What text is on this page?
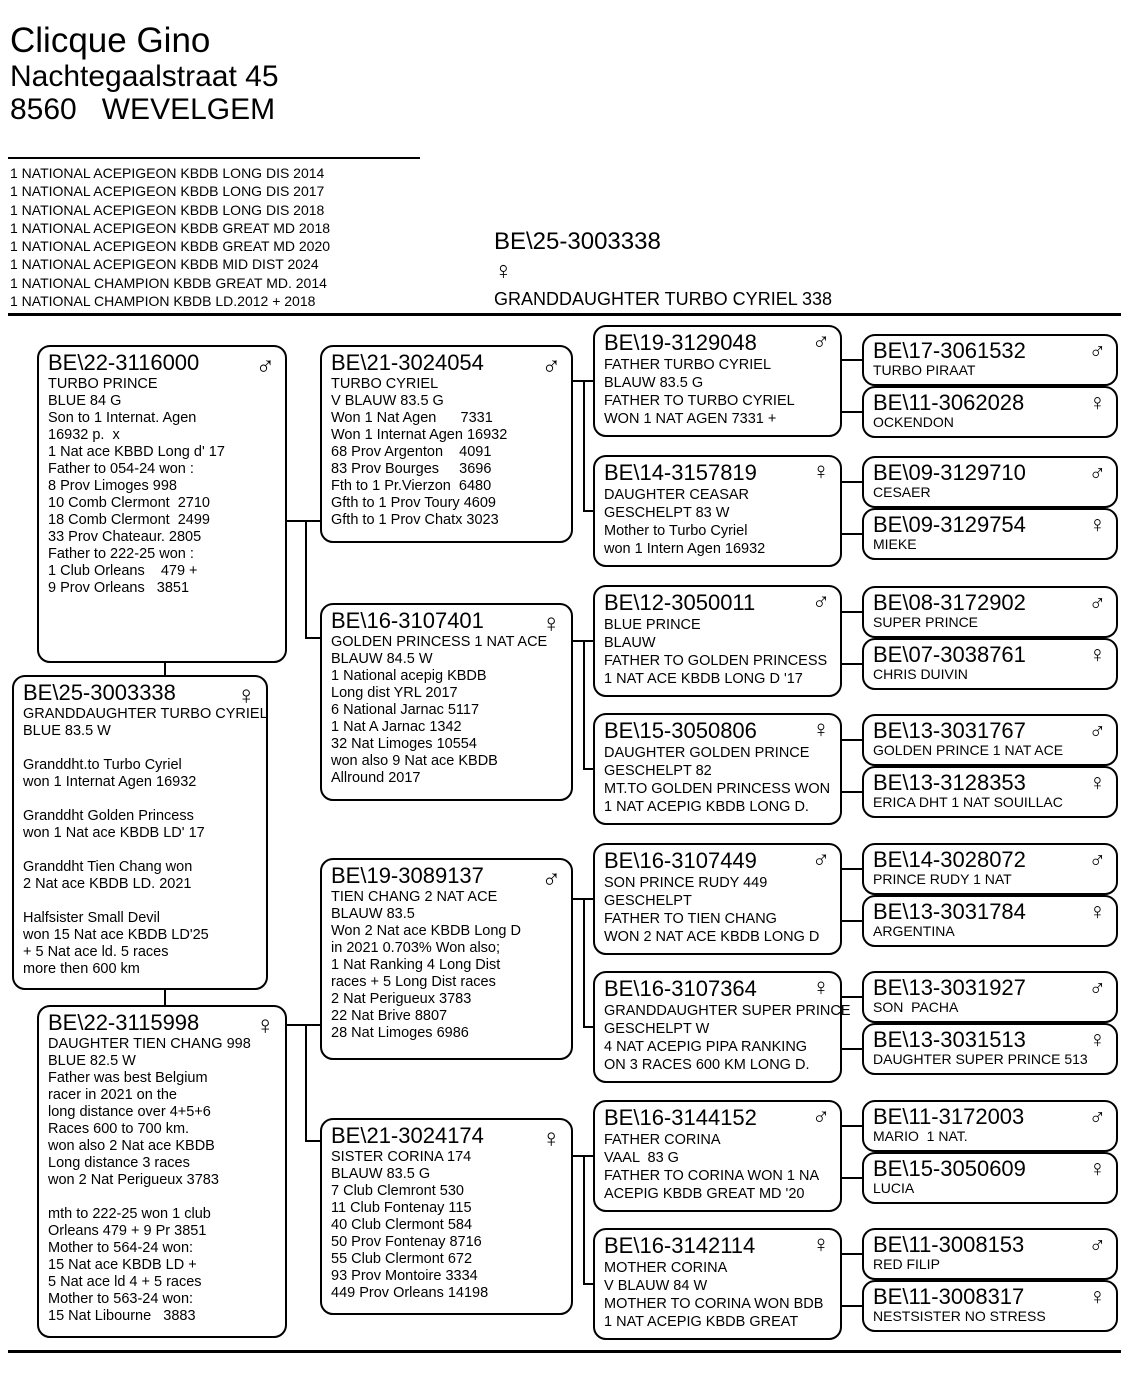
Clicque Gino
Nachtegaalstraat 45
8560   WEVELGEM
1 NATIONAL ACEPIGEON KBDB LONG DIS 2014
1 NATIONAL ACEPIGEON KBDB LONG DIS 2017
1 NATIONAL ACEPIGEON KBDB LONG DIS 2018
1 NATIONAL ACEPIGEON KBDB GREAT MD 2018
1 NATIONAL ACEPIGEON KBDB GREAT MD 2020
1 NATIONAL ACEPIGEON KBDB MID DIST 2024
1 NATIONAL CHAMPION KBDB GREAT MD. 2014
1 NATIONAL CHAMPION KBDB LD.2012 + 2018
BE\25-3003338
♀
GRANDDAUGHTER TURBO CYRIEL 338
BE\22-3116000	♂
TURBO PRINCE
BLUE 84 G
Son to 1 Internat. Agen
16932 p.  x
1 Nat ace KBBD Long d' 17
Father to 054-24 won :
8 Prov Limoges 998
10 Comb Clermont  2710
18 Comb Clermont  2499
33 Prov Chateaur. 2805
Father to 222-25 won :
1 Club Orleans    479 +
9 Prov Orleans   3851
BE\25-3003338	♀
GRANDDAUGHTER TURBO CYRIEL
BLUE 83.5 W
Granddht.to Turbo Cyriel
won 1 Internat Agen 16932
Granddht Golden Princess
won 1 Nat ace KBDB LD' 17
Granddht Tien Chang won
2 Nat ace KBDB LD. 2021
Halfsister Small Devil
won 15 Nat ace KBDB LD'25
+ 5 Nat ace ld. 5 races
more then 600 km
BE\22-3115998	♀
DAUGHTER TIEN CHANG 998
BLUE 82.5 W
Father was best Belgium
racer in 2021 on the
long distance over 4+5+6
Races 600 to 700 km.
won also 2 Nat ace KBDB
Long distance 3 races
won 2 Nat Perigueux 3783
mth to 222-25 won 1 club
Orleans 479 + 9 Pr 3851
Mother to 564-24 won:
15 Nat ace KBDB LD +
5 Nat ace ld 4 + 5 races
Mother to 563-24 won:
15 Nat Libourne   3883
BE\21-3024054	♂
TURBO CYRIEL
V BLAUW 83.5 G
Won 1 Nat Agen      7331
Won 1 Internat Agen 16932
68 Prov Argenton    4091
83 Prov Bourges     3696
Fth to 1 Pr.Vierzon  6480
Gfth to 1 Prov Toury 4609
Gfth to 1 Prov Chatx 3023
BE\16-3107401	♀
GOLDEN PRINCESS 1 NAT ACE
BLAUW 84.5 W
1 National acepig KBDB
Long dist YRL 2017
6 National Jarnac 5117
1 Nat A Jarnac 1342
32 Nat Limoges 10554
won also 9 Nat ace KBDB
Allround 2017
BE\19-3089137	♂
TIEN CHANG 2 NAT ACE
BLAUW 83.5
Won 2 Nat ace KBDB Long D
in 2021 0.703% Won also;
1 Nat Ranking 4 Long Dist
races + 5 Long Dist races
2 Nat Perigueux 3783
22 Nat Brive 8807
28 Nat Limoges 6986
BE\21-3024174	♀
SISTER CORINA 174
BLAUW 83.5 G
7 Club Clemront 530
11 Club Fontenay 115
40 Club Clermont 584
50 Prov Fontenay 8716
55 Club Clermont 672
93 Prov Montoire 3334
449 Prov Orleans 14198
BE\19-3129048	♂
FATHER TURBO CYRIEL
BLAUW 83.5 G
FATHER TO TURBO CYRIEL
WON 1 NAT AGEN 7331 +
BE\14-3157819	♀
DAUGHTER CEASAR
GESCHELPT 83 W
Mother to Turbo Cyriel
won 1 Intern Agen 16932
BE\12-3050011	♂
BLUE PRINCE
BLAUW
FATHER TO GOLDEN PRINCESS
1 NAT ACE KBDB LONG D '17
BE\15-3050806	♀
DAUGHTER GOLDEN PRINCE
GESCHELPT 82
MT.TO GOLDEN PRINCESS WON
1 NAT ACEPIG KBDB LONG D.
BE\16-3107449	♂
SON PRINCE RUDY 449
GESCHELPT
FATHER TO TIEN CHANG
WON 2 NAT ACE KBDB LONG D
BE\16-3107364	♀
GRANDDAUGHTER SUPER PRINCE
GESCHELPT W
4 NAT ACEPIG PIPA RANKING
ON 3 RACES 600 KM LONG D.
BE\16-3144152	♂
FATHER CORINA
VAAL  83 G
FATHER TO CORINA WON 1 NA
ACEPIG KBDB GREAT MD '20
BE\16-3142114	♀
MOTHER CORINA
V BLAUW 84 W
MOTHER TO CORINA WON BDB
1 NAT ACEPIG KBDB GREAT
BE\17-3061532	♂
TURBO PIRAAT
BE\11-3062028	♀
OCKENDON
BE\09-3129710	♂
CESAER
BE\09-3129754	♀
MIEKE
BE\08-3172902	♂
SUPER PRINCE
BE\07-3038761	♀
CHRIS DUIVIN
BE\13-3031767	♂
GOLDEN PRINCE 1 NAT ACE
BE\13-3128353	♀
ERICA DHT 1 NAT SOUILLAC
BE\14-3028072	♂
PRINCE RUDY 1 NAT
BE\13-3031784	♀
ARGENTINA
BE\13-3031927	♂
SON  PACHA
BE\13-3031513	♀
DAUGHTER SUPER PRINCE 513
BE\11-3172003	♂
MARIO  1 NAT.
BE\15-3050609	♀
LUCIA
BE\11-3008153	♂
RED FILIP
BE\11-3008317	♀
NESTSISTER NO STRESS
